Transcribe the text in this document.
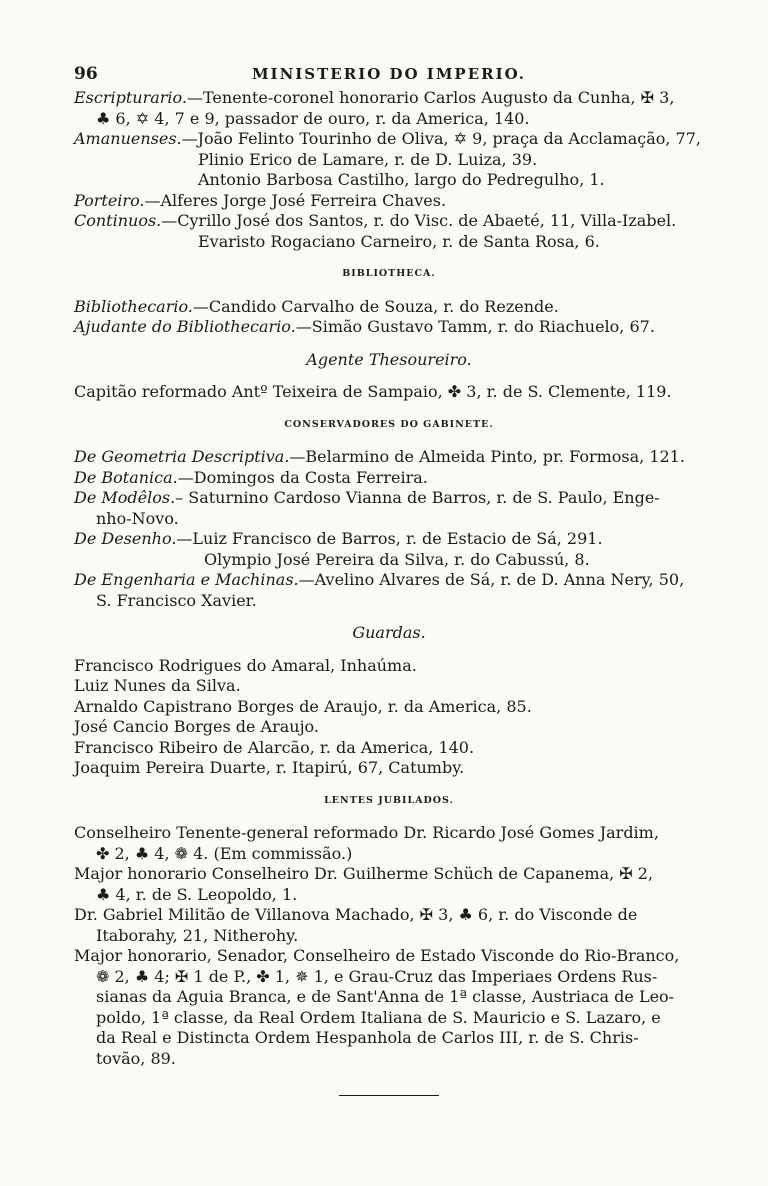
96	MINISTERIO DO IMPERIO.

Escripturario.—Tenente-coronel honorario Carlos Augusto da Cunha, ✠ 3,

♣ 6, ✡ 4, 7 e 9, passador de ouro, r. da America, 140.

Amanuenses.—João Felinto Tourinho de Oliva, ✡ 9, praça da Acclamação, 77,

Plinio Erico de Lamare, r. de D. Luiza, 39.

Antonio Barbosa Castilho, largo do Pedregulho, 1.

Porteiro.—Alferes Jorge José Ferreira Chaves.

Continuos.—Cyrillo José dos Santos, r. do Visc. de Abaeté, 11, Villa-Izabel.

Evaristo Rogaciano Carneiro, r. de Santa Rosa, 6.

BIBLIOTHECA.

Bibliothecario.—Candido Carvalho de Souza, r. do Rezende.

Ajudante do Bibliothecario.—Simão Gustavo Tamm, r. do Riachuelo, 67.

Agente Thesoureiro.

Capitão reformado Antº Teixeira de Sampaio, ✤ 3, r. de S. Clemente, 119.

CONSERVADORES DO GABINETE.

De Geometria Descriptiva.—Belarmino de Almeida Pinto, pr. Formosa, 121.

De Botanica.—Domingos da Costa Ferreira.

De Modêlos.– Saturnino Cardoso Vianna de Barros, r. de S. Paulo, Enge-

nho-Novo.

De Desenho.—Luiz Francisco de Barros, r. de Estacio de Sá, 291.

Olympio José Pereira da Silva, r. do Cabussú, 8.

De Engenharia e Machinas.—Avelino Alvares de Sá, r. de D. Anna Nery, 50,

S. Francisco Xavier.

Guardas.

Francisco Rodrigues do Amaral, Inhaúma.

Luiz Nunes da Silva.

Arnaldo Capistrano Borges de Araujo, r. da America, 85.

José Cancio Borges de Araujo.

Francisco Ribeiro de Alarcão, r. da America, 140.

Joaquim Pereira Duarte, r. Itapirú, 67, Catumby.

LENTES JUBILADOS.

Conselheiro Tenente-general reformado Dr. Ricardo José Gomes Jardim,

✤ 2, ♣ 4, ❁ 4. (Em commissão.)

Major honorario Conselheiro Dr. Guilherme Schüch de Capanema, ✠ 2,

♣ 4, r. de S. Leopoldo, 1.

Dr. Gabriel Militão de Villanova Machado, ✠ 3, ♣ 6, r. do Visconde de

Itaborahy, 21, Nitherohy.

Major honorario, Senador, Conselheiro de Estado Visconde do Rio-Branco,

❁ 2, ♣ 4; ✠ 1 de P., ✤ 1, ✵ 1, e Grau-Cruz das Imperiaes Ordens Rus-

sianas da Aguia Branca, e de Sant'Anna de 1ª classe, Austriaca de Leo-

poldo, 1ª classe, da Real Ordem Italiana de S. Mauricio e S. Lazaro, e

da Real e Distincta Ordem Hespanhola de Carlos III, r. de S. Chris-

tovão, 89.
